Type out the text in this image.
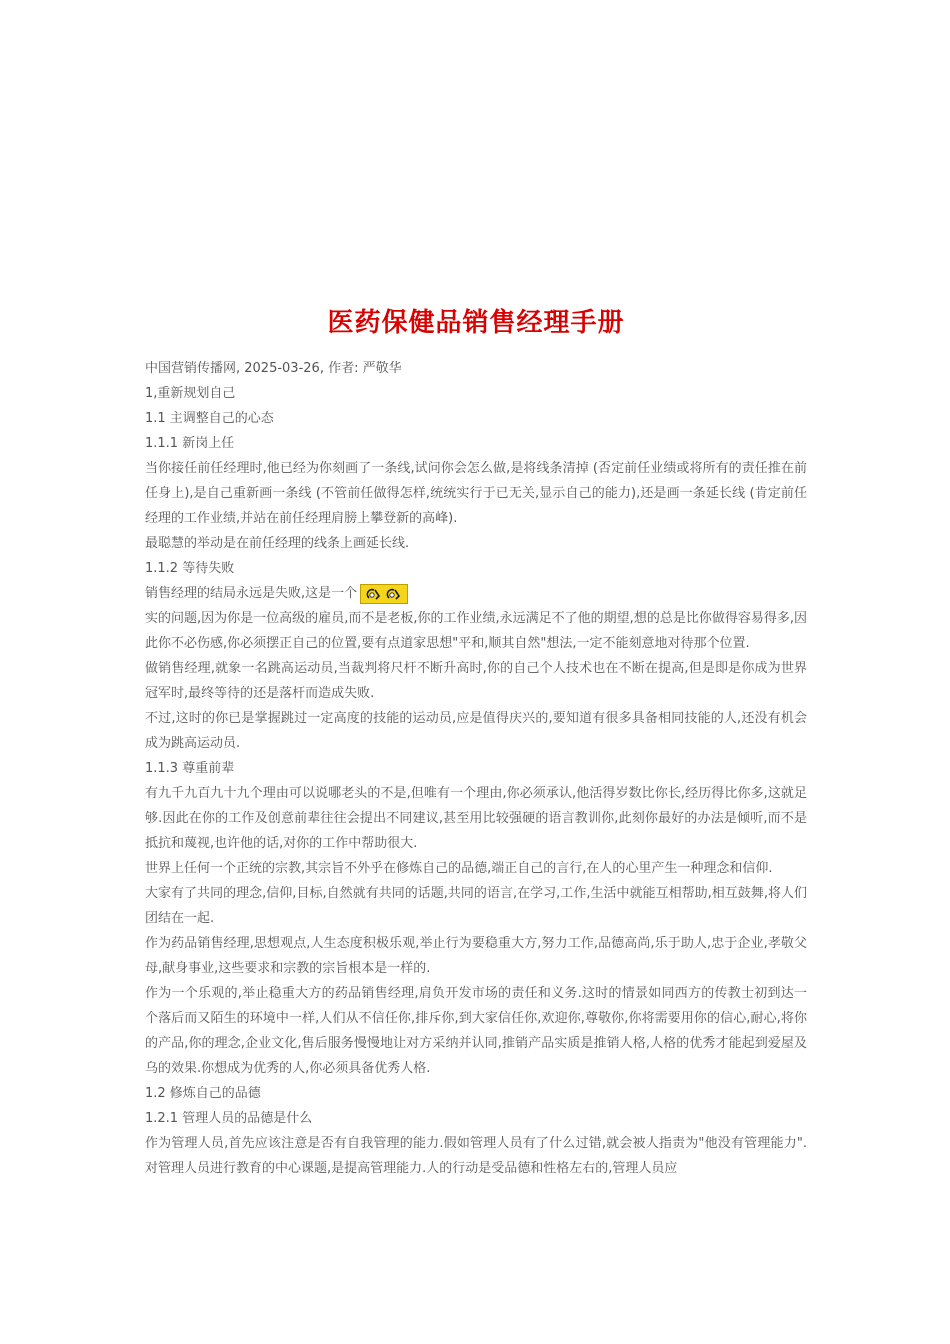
医药保健品销售经理手册

中国营销传播网, 2025-03-26, 作者: 严敬华

1,重新规划自己

1.1 主调整自己的心态

1.1.1 新岗上任

当你接任前任经理时,他已经为你刻画了一条线,试问你会怎么做,是将线条清掉 (否定前任业绩或将所有的责任推在前任身上),是自己重新画一条线 (不管前任做得怎样,统统实行于已无关,显示自己的能力),还是画一条延长线 (肯定前任经理的工作业绩,并站在前任经理肩膀上攀登新的高峰).

最聪慧的举动是在前任经理的线条上画延长线.

1.1.2 等待失败

销售经理的结局永远是失败,这是一个

实的问题,因为你是一位高级的雇员,而不是老板,你的工作业绩,永远满足不了他的期望,想的总是比你做得容易得多,因此你不必伤感,你必须摆正自己的位置,要有点道家思想"平和,顺其自然"想法,一定不能刻意地对待那个位置.

做销售经理,就象一名跳高运动员,当裁判将尺杆不断升高时,你的自己个人技术也在不断在提高,但是即是你成为世界冠军时,最终等待的还是落杆而造成失败.

不过,这时的你已是掌握跳过一定高度的技能的运动员,应是值得庆兴的,要知道有很多具备相同技能的人,还没有机会成为跳高运动员.

1.1.3 尊重前辈

有九千九百九十九个理由可以说哪老头的不是,但唯有一个理由,你必须承认,他活得岁数比你长,经历得比你多,这就足够.因此在你的工作及创意前辈往往会提出不同建议,甚至用比较强硬的语言教训你,此刻你最好的办法是倾听,而不是抵抗和蔑视,也许他的话,对你的工作中帮助很大.

世界上任何一个正统的宗教,其宗旨不外乎在修炼自己的品德,端正自己的言行,在人的心里产生一种理念和信仰.

大家有了共同的理念,信仰,目标,自然就有共同的话题,共同的语言,在学习,工作,生活中就能互相帮助,相互鼓舞,将人们团结在一起.

作为药品销售经理,思想观点,人生态度积极乐观,举止行为要稳重大方,努力工作,品德高尚,乐于助人,忠于企业,孝敬父母,献身事业,这些要求和宗教的宗旨根本是一样的.

作为一个乐观的,举止稳重大方的药品销售经理,肩负开发市场的责任和义务.这时的情景如同西方的传教士初到达一个落后而又陌生的环境中一样,人们从不信任你,排斥你,到大家信任你,欢迎你,尊敬你,你将需要用你的信心,耐心,将你的产品,你的理念,企业文化,售后服务慢慢地让对方采纳并认同,推销产品实质是推销人格,人格的优秀才能起到爱屋及乌的效果.你想成为优秀的人,你必须具备优秀人格.

1.2 修炼自己的品德

1.2.1 管理人员的品德是什么

作为管理人员,首先应该注意是否有自我管理的能力.假如管理人员有了什么过错,就会被人指责为"他没有管理能力".对管理人员进行教育的中心课题,是提高管理能力.人的行动是受品德和性格左右的,管理人员应
